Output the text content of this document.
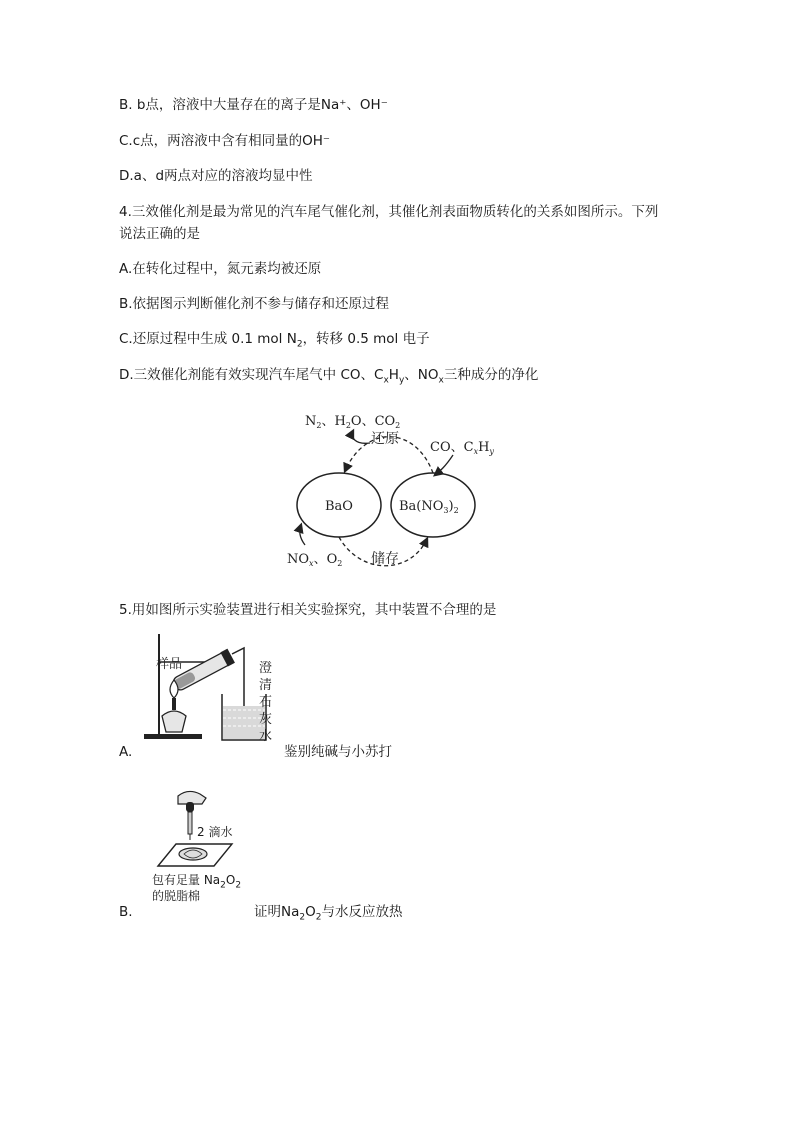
B. b点，溶液中大量存在的离子是Na⁺、OH⁻
C.c点，两溶液中含有相同量的OH⁻
D.a、d两点对应的溶液均显中性
4.三效催化剂是最为常见的汽车尾气催化剂，其催化剂表面物质转化的关系如图所示。下列
说法正确的是
A.在转化过程中，氮元素均被还原
B.依据图示判断催化剂不参与储存和还原过程
C.还原过程中生成 0.1 mol $N_2$，转移 0.5 mol 电子
D.三效催化剂能有效实现汽车尾气中 CO、$C_xH_y$、$NO_x$三种成分的净化
$N_2$、$H_2O$、$CO_2$
CO、$C_xH_y$
BaO	$Ba(NO_3)_2$
还原
储存
$NO_x$、$O_2$
5.用如图所示实验装置进行相关实验探究，其中装置不合理的是
样品	澄
清
石
灰
水
A.	鉴别纯碱与小苏打
2 滴水
包有足量 $Na_2O_2$
的脱脂棉
B.	证明$Na_2O_2$与水反应放热
